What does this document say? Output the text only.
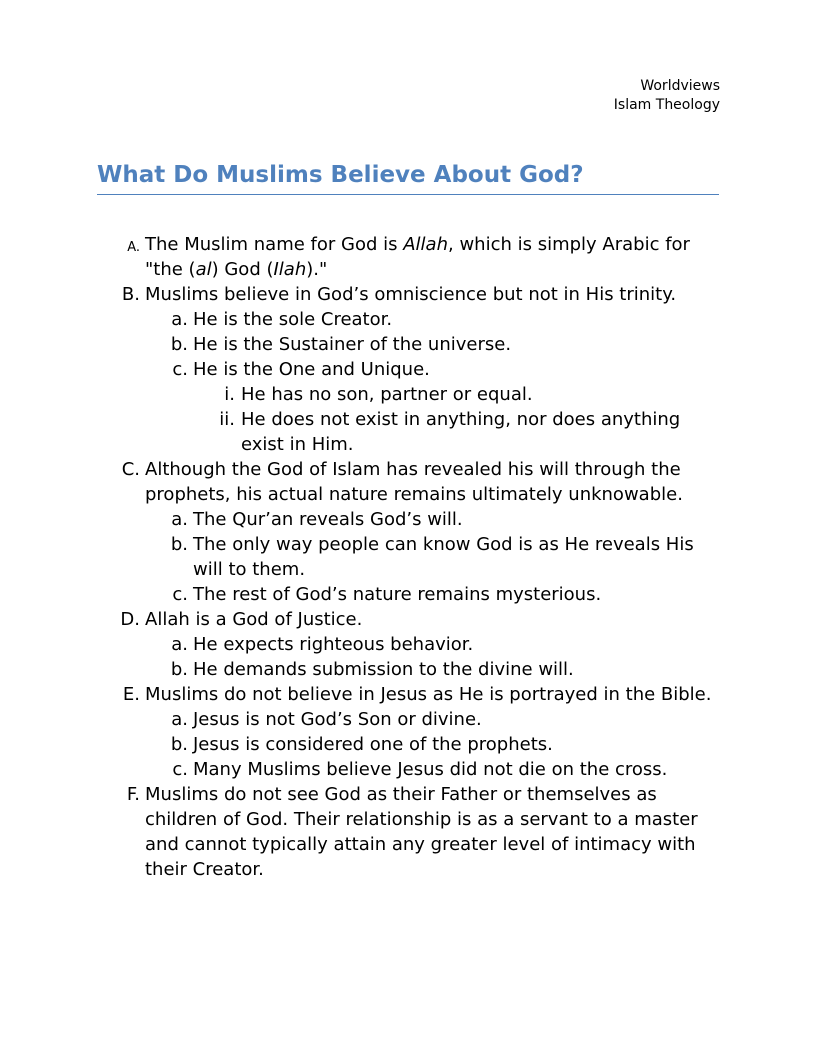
Worldviews
Islam Theology
What Do Muslims Believe About God?
A. The Muslim name for God is Allah, which is simply Arabic for "the (al) God (Ilah)."
B. Muslims believe in God’s omniscience but not in His trinity.
a. He is the sole Creator.
b. He is the Sustainer of the universe.
c. He is the One and Unique.
i. He has no son, partner or equal.
ii. He does not exist in anything, nor does anything exist in Him.
C. Although the God of Islam has revealed his will through the prophets, his actual nature remains ultimately unknowable.
a. The Qur’an reveals God’s will.
b. The only way people can know God is as He reveals His will to them.
c. The rest of God’s nature remains mysterious.
D. Allah is a God of Justice.
a. He expects righteous behavior.
b. He demands submission to the divine will.
E. Muslims do not believe in Jesus as He is portrayed in the Bible.
a. Jesus is not God’s Son or divine.
b. Jesus is considered one of the prophets.
c. Many Muslims believe Jesus did not die on the cross.
F. Muslims do not see God as their Father or themselves as children of God. Their relationship is as a servant to a master and cannot typically attain any greater level of intimacy with their Creator.
